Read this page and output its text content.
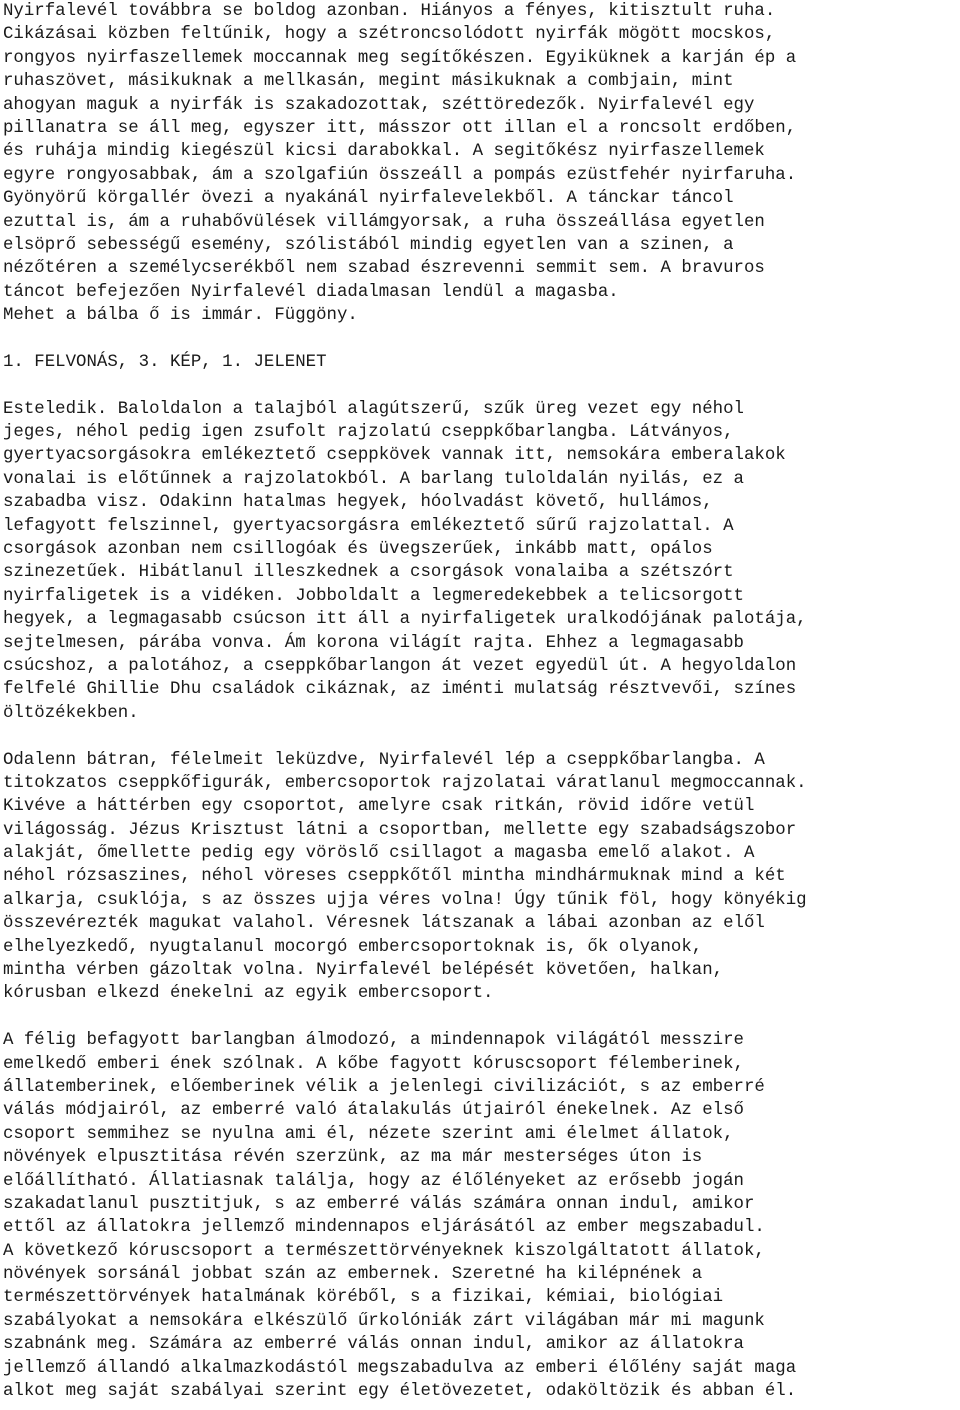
Nyirfalevél továbbra se boldog azonban. Hiányos a fényes, kitisztult ruha.
Cikázásai közben feltűnik, hogy a szétroncsolódott nyirfák mögött mocskos,
rongyos nyirfaszellemek moccannak meg segítőkészen. Egyiküknek a karján ép a
ruhaszövet, másikuknak a mellkasán, megint másikuknak a combjain, mint
ahogyan maguk a nyirfák is szakadozottak, széttöredezők. Nyirfalevél egy
pillanatra se áll meg, egyszer itt, másszor ott illan el a roncsolt erdőben,
és ruhája mindig kiegészül kicsi darabokkal. A segitőkész nyirfaszellemek
egyre rongyosabbak, ám a szolgafiún összeáll a pompás ezüstfehér nyirfaruha.
Gyönyörű körgallér övezi a nyakánál nyirfalevelekből. A tánckar táncol
ezuttal is, ám a ruhabővülések villámgyorsak, a ruha összeállása egyetlen
elsöprő sebességű esemény, szólistából mindig egyetlen van a szinen, a
nézőtéren a személycserékből nem szabad észrevenni semmit sem. A bravuros
táncot befejezően Nyirfalevél diadalmasan lendül a magasba.
Mehet a bálba ő is immár. Függöny.
1. FELVONÁS, 3. KÉP, 1. JELENET
Esteledik. Baloldalon a talajból alagútszerű, szűk üreg vezet egy néhol
jeges, néhol pedig igen zsufolt rajzolatú cseppkőbarlangba. Látványos,
gyertyacsorgásokra emlékeztető cseppkövek vannak itt, nemsokára emberalakok
vonalai is előtűnnek a rajzolatokból. A barlang tuloldalán nyilás, ez a
szabadba visz. Odakinn hatalmas hegyek, hóolvadást követő, hullámos,
lefagyott felszinnel, gyertyacsorgásra emlékeztető sűrű rajzolattal. A
csorgások azonban nem csillogóak és üvegszerűek, inkább matt, opálos
szinezetűek. Hibátlanul illeszkednek a csorgások vonalaiba a szétszórt
nyirfaligetek is a vidéken. Jobboldalt a legmeredekebbek a telicsorgott
hegyek, a legmagasabb csúcson itt áll a nyirfaligetek uralkodójának palotája,
sejtelmesen, párába vonva. Ám korona világít rajta. Ehhez a legmagasabb
csúcshoz, a palotához, a cseppkőbarlangon át vezet egyedül út. A hegyoldalon
felfelé Ghillie Dhu családok cikáznak, az iménti mulatság résztvevői, színes
öltözékekben.
Odalenn bátran, félelmeit leküzdve, Nyirfalevél lép a cseppkőbarlangba. A
titokzatos cseppkőfigurák, embercsoportok rajzolatai váratlanul megmoccannak.
Kivéve a háttérben egy csoportot, amelyre csak ritkán, rövid időre vetül
világosság. Jézus Krisztust látni a csoportban, mellette egy szabadságszobor
alakját, őmellette pedig egy vöröslő csillagot a magasba emelő alakot. A
néhol rózsaszines, néhol vöreses cseppkőtől mintha mindhármuknak mind a két
alkarja, csuklója, s az összes ujja véres volna! Úgy tűnik föl, hogy könyékig
összevérezték magukat valahol. Véresnek látszanak a lábai azonban az elől
elhelyezkedő, nyugtalanul mocorgó embercsoportoknak is, ők olyanok,
mintha vérben gázoltak volna. Nyirfalevél belépését követően, halkan,
kórusban elkezd énekelni az egyik embercsoport.
A félig befagyott barlangban álmodozó, a mindennapok világától messzire
emelkedő emberi ének szólnak. A kőbe fagyott kóruscsoport félemberinek,
állatemberinek, előemberinek vélik a jelenlegi civilizációt, s az emberré
válás módjairól, az emberré való átalakulás útjairól énekelnek. Az első
csoport semmihez se nyulna ami él, nézete szerint ami élelmet állatok,
növények elpusztitása révén szerzünk, az ma már mesterséges úton is
előállítható. Állatiasnak találja, hogy az élőlényeket az erősebb jogán
szakadatlanul pusztitjuk, s az emberré válás számára onnan indul, amikor
ettől az állatokra jellemző mindennapos eljárásától az ember megszabadul.
A következő kóruscsoport a természettörvényeknek kiszolgáltatott állatok,
növények sorsánál jobbat szán az embernek. Szeretné ha kilépnének a
természettörvények hatalmának köréből, s a fizikai, kémiai, biológiai
szabályokat a nemsokára elkészülő űrkolóniák zárt világában már mi magunk
szabnánk meg. Számára az emberré válás onnan indul, amikor az állatokra
jellemző állandó alkalmazkodástól megszabadulva az emberi élőlény saját maga
alkot meg saját szabályai szerint egy életövezetet, odaköltözik és abban él.
